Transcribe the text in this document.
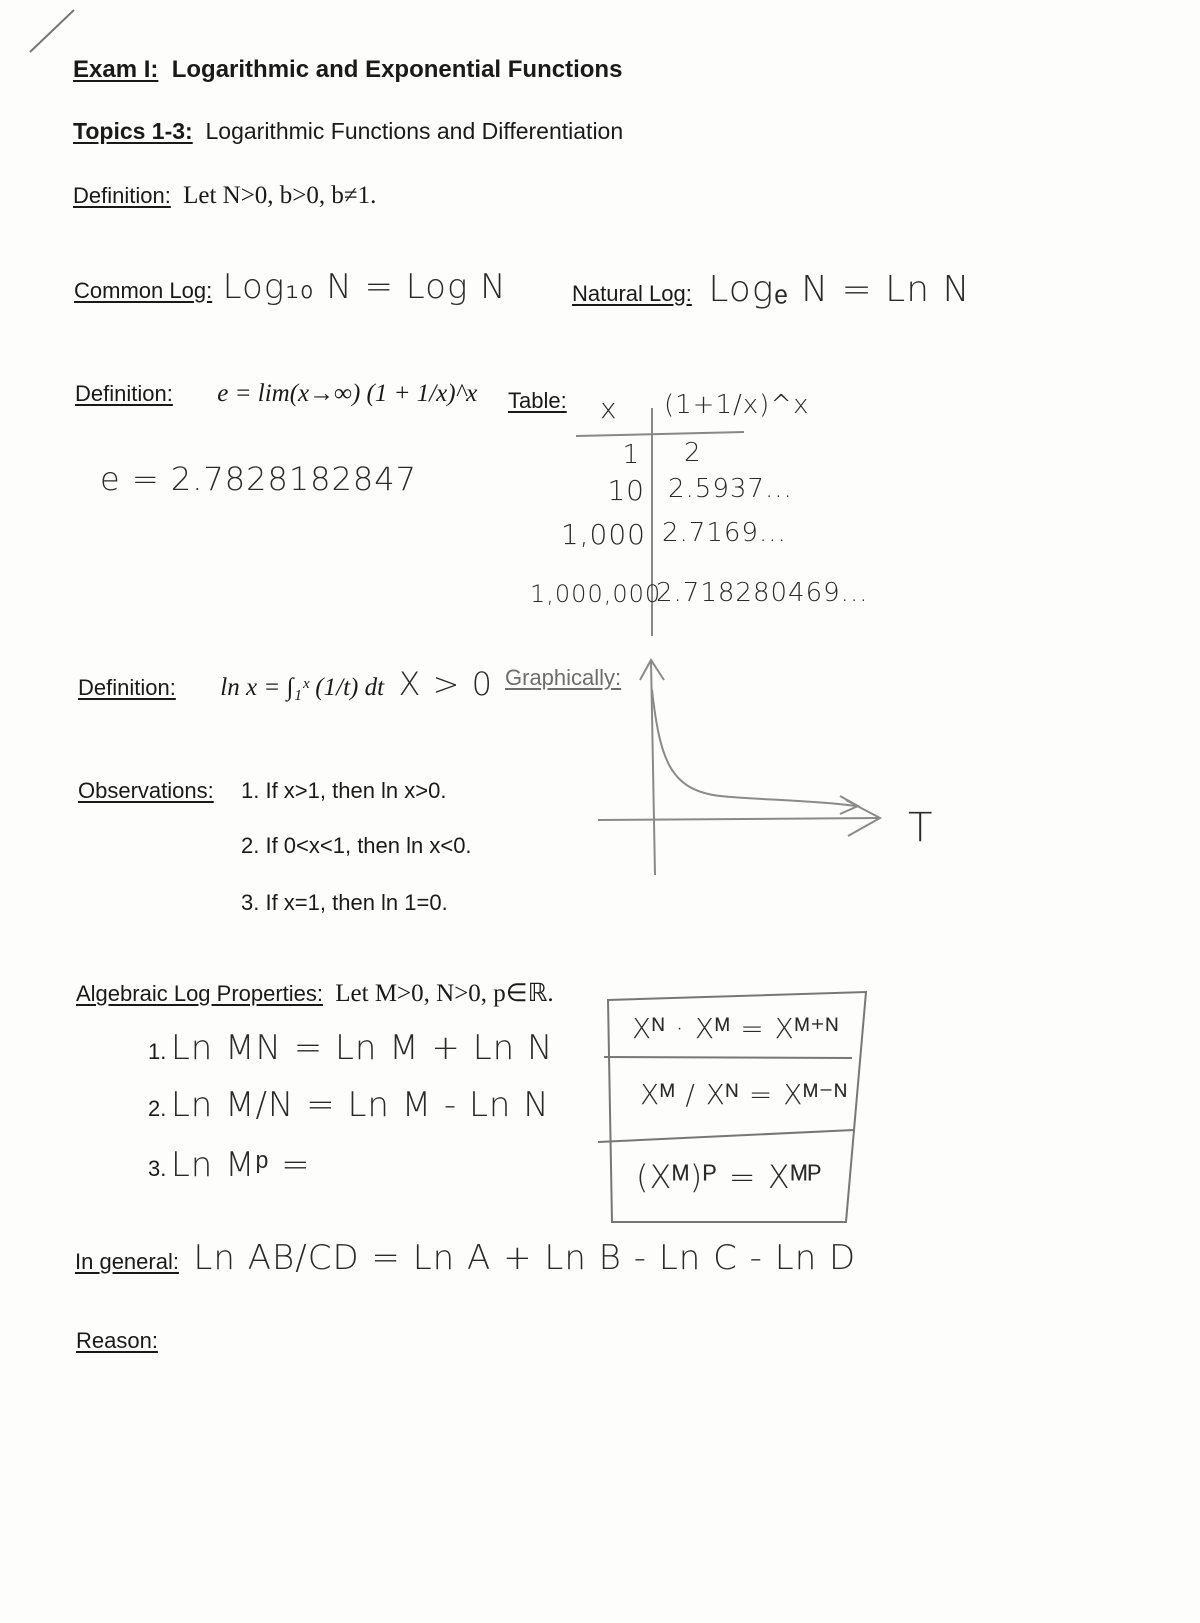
Exam I: Logarithmic and Exponential Functions
Topics 1-3: Logarithmic Functions and Differentiation
Definition: Let N>0, b>0, b≠1.
Common Log: Log₁₀ N = Log N	Natural Log: Logₑ N = Ln N
Definition: e = lim(x→∞) (1 + 1/x)^x
e = 2.7828182847
Table: x (1+1/x)^x
1 2
10 2.5937...
1,000 2.7169...
1,000,000
2.718280469...
Definition: ln x = ∫₁ˣ (1/t) dt X > 0 Graphically:
T
Observations: 1. If x>1, then ln x>0.
2. If 0<x<1, then ln x<0.
3. If x=1, then ln 1=0.
Algebraic Log Properties: Let M>0, N>0, p∈ℝ.
1. Ln MN = Ln M + Ln N
2. Ln M/N = Ln M - Ln N
3. Ln Mᵖ =
Xᴺ · Xᴹ = Xᴹ⁺ᴺ
Xᴹ / Xᴺ = Xᴹ⁻ᴺ
(Xᴹ)ᴾ = Xᴹᴾ
In general: Ln AB/CD = Ln A + Ln B - Ln C - Ln D
Reason:
